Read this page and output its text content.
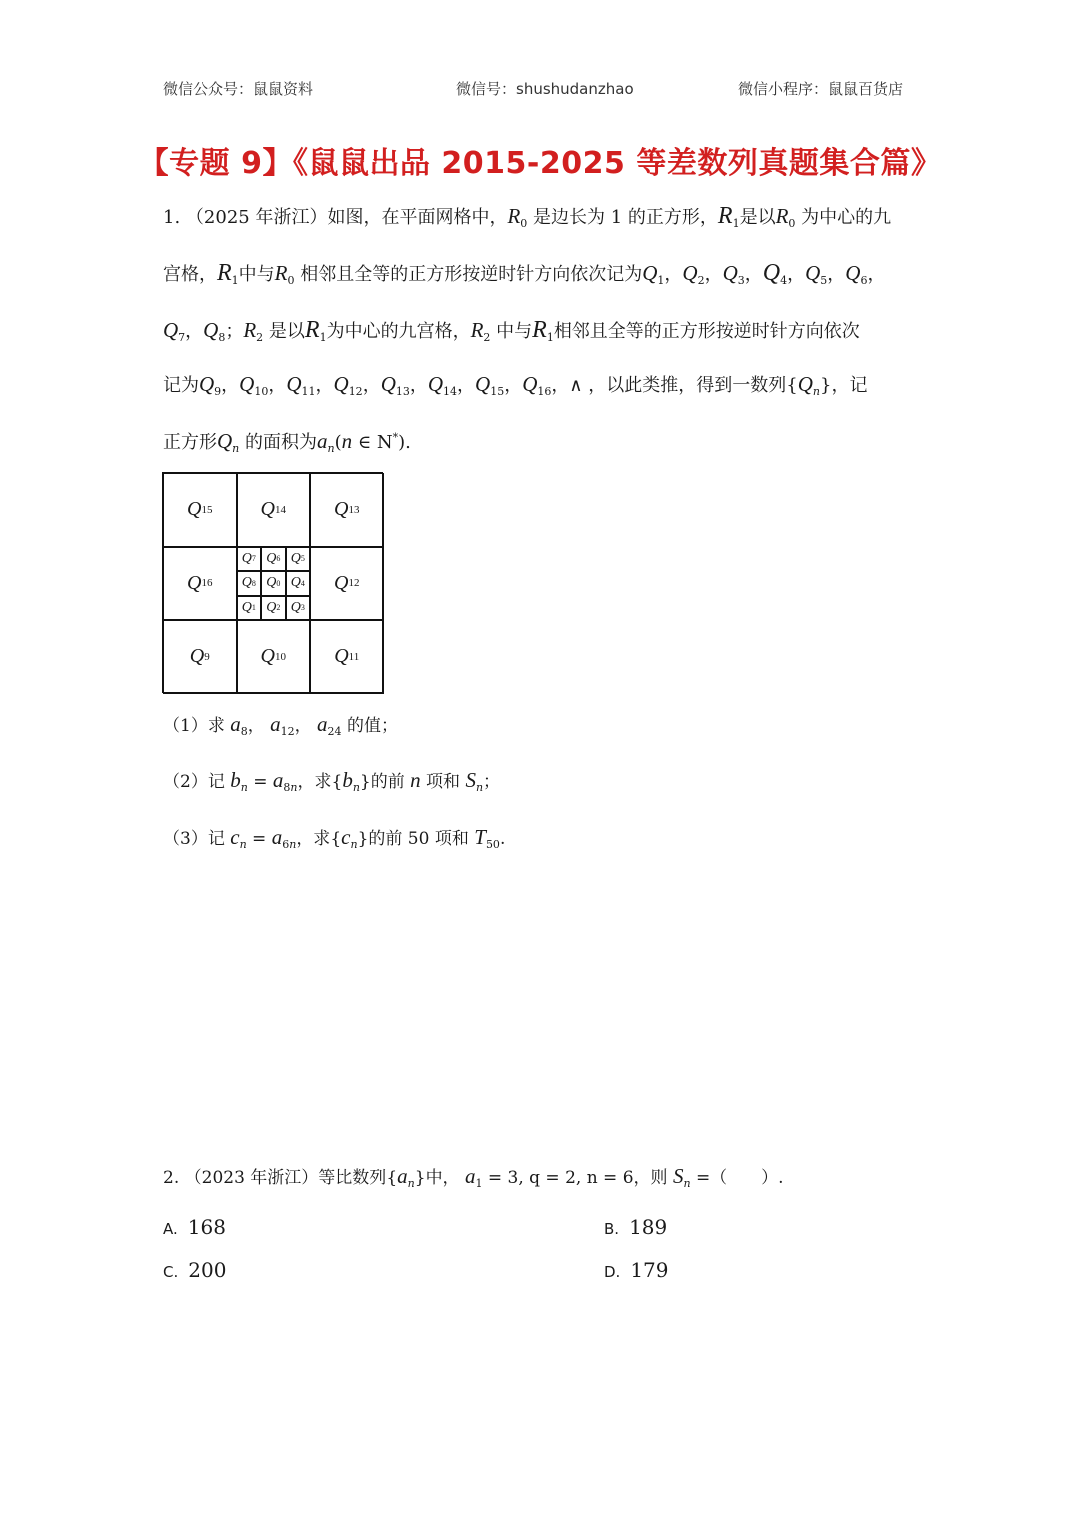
微信公众号：鼠鼠资料	微信号：shushudanzhao	微信小程序：鼠鼠百货店
【专题 9】《鼠鼠出品 2015-2025 等差数列真题集合篇》
1. （2025 年浙江）如图，在平面网格中，$R_0$ 是边长为 1 的正方形，$R_1$是以$R_0$ 为中心的九
宫格，$R_1$中与$R_0$ 相邻且全等的正方形按逆时针方向依次记为$Q_1$，$Q_2$，$Q_3$，$Q_4$，$Q_5$，$Q_6$，
$Q_7$，$Q_8$；$R_2$ 是以$R_1$为中心的九宫格，$R_2$ 中与$R_1$相邻且全等的正方形按逆时针方向依次
记为$Q_9$，$Q_{10}$，$Q_{11}$，$Q_{12}$，$Q_{13}$，$Q_{14}$，$Q_{15}$，$Q_{16}$，∧ ，以此类推，得到一数列$\{Q_n\}$，记
正方形$Q_n$ 的面积为$a_n(n$ ∈ N*).
Q 15	Q 14	Q 13
Q 16	Q 12
Q 9	Q 10	Q 11
Q 7 Q 6 Q 5
Q 8 Q 0 Q 4
Q 1 Q 2 Q 3
（1）求 $a_8$， $a_{12}$， $a_{24}$ 的值；
（2）记 $b_n = a_{8n}$，求$\{b_n\}$的前 n 项和 $S_n$；
（3）记 $c_n = a_{6n}$，求$\{c_n\}$的前 50 项和 $T_{50}$.
2. （2023 年浙江）等比数列$\{a_n\}$中， $a_1 = 3$, q = 2, n = 6，则 $S_n$ =（　　）.
A. 168	B. 189
C. 200	D. 179
